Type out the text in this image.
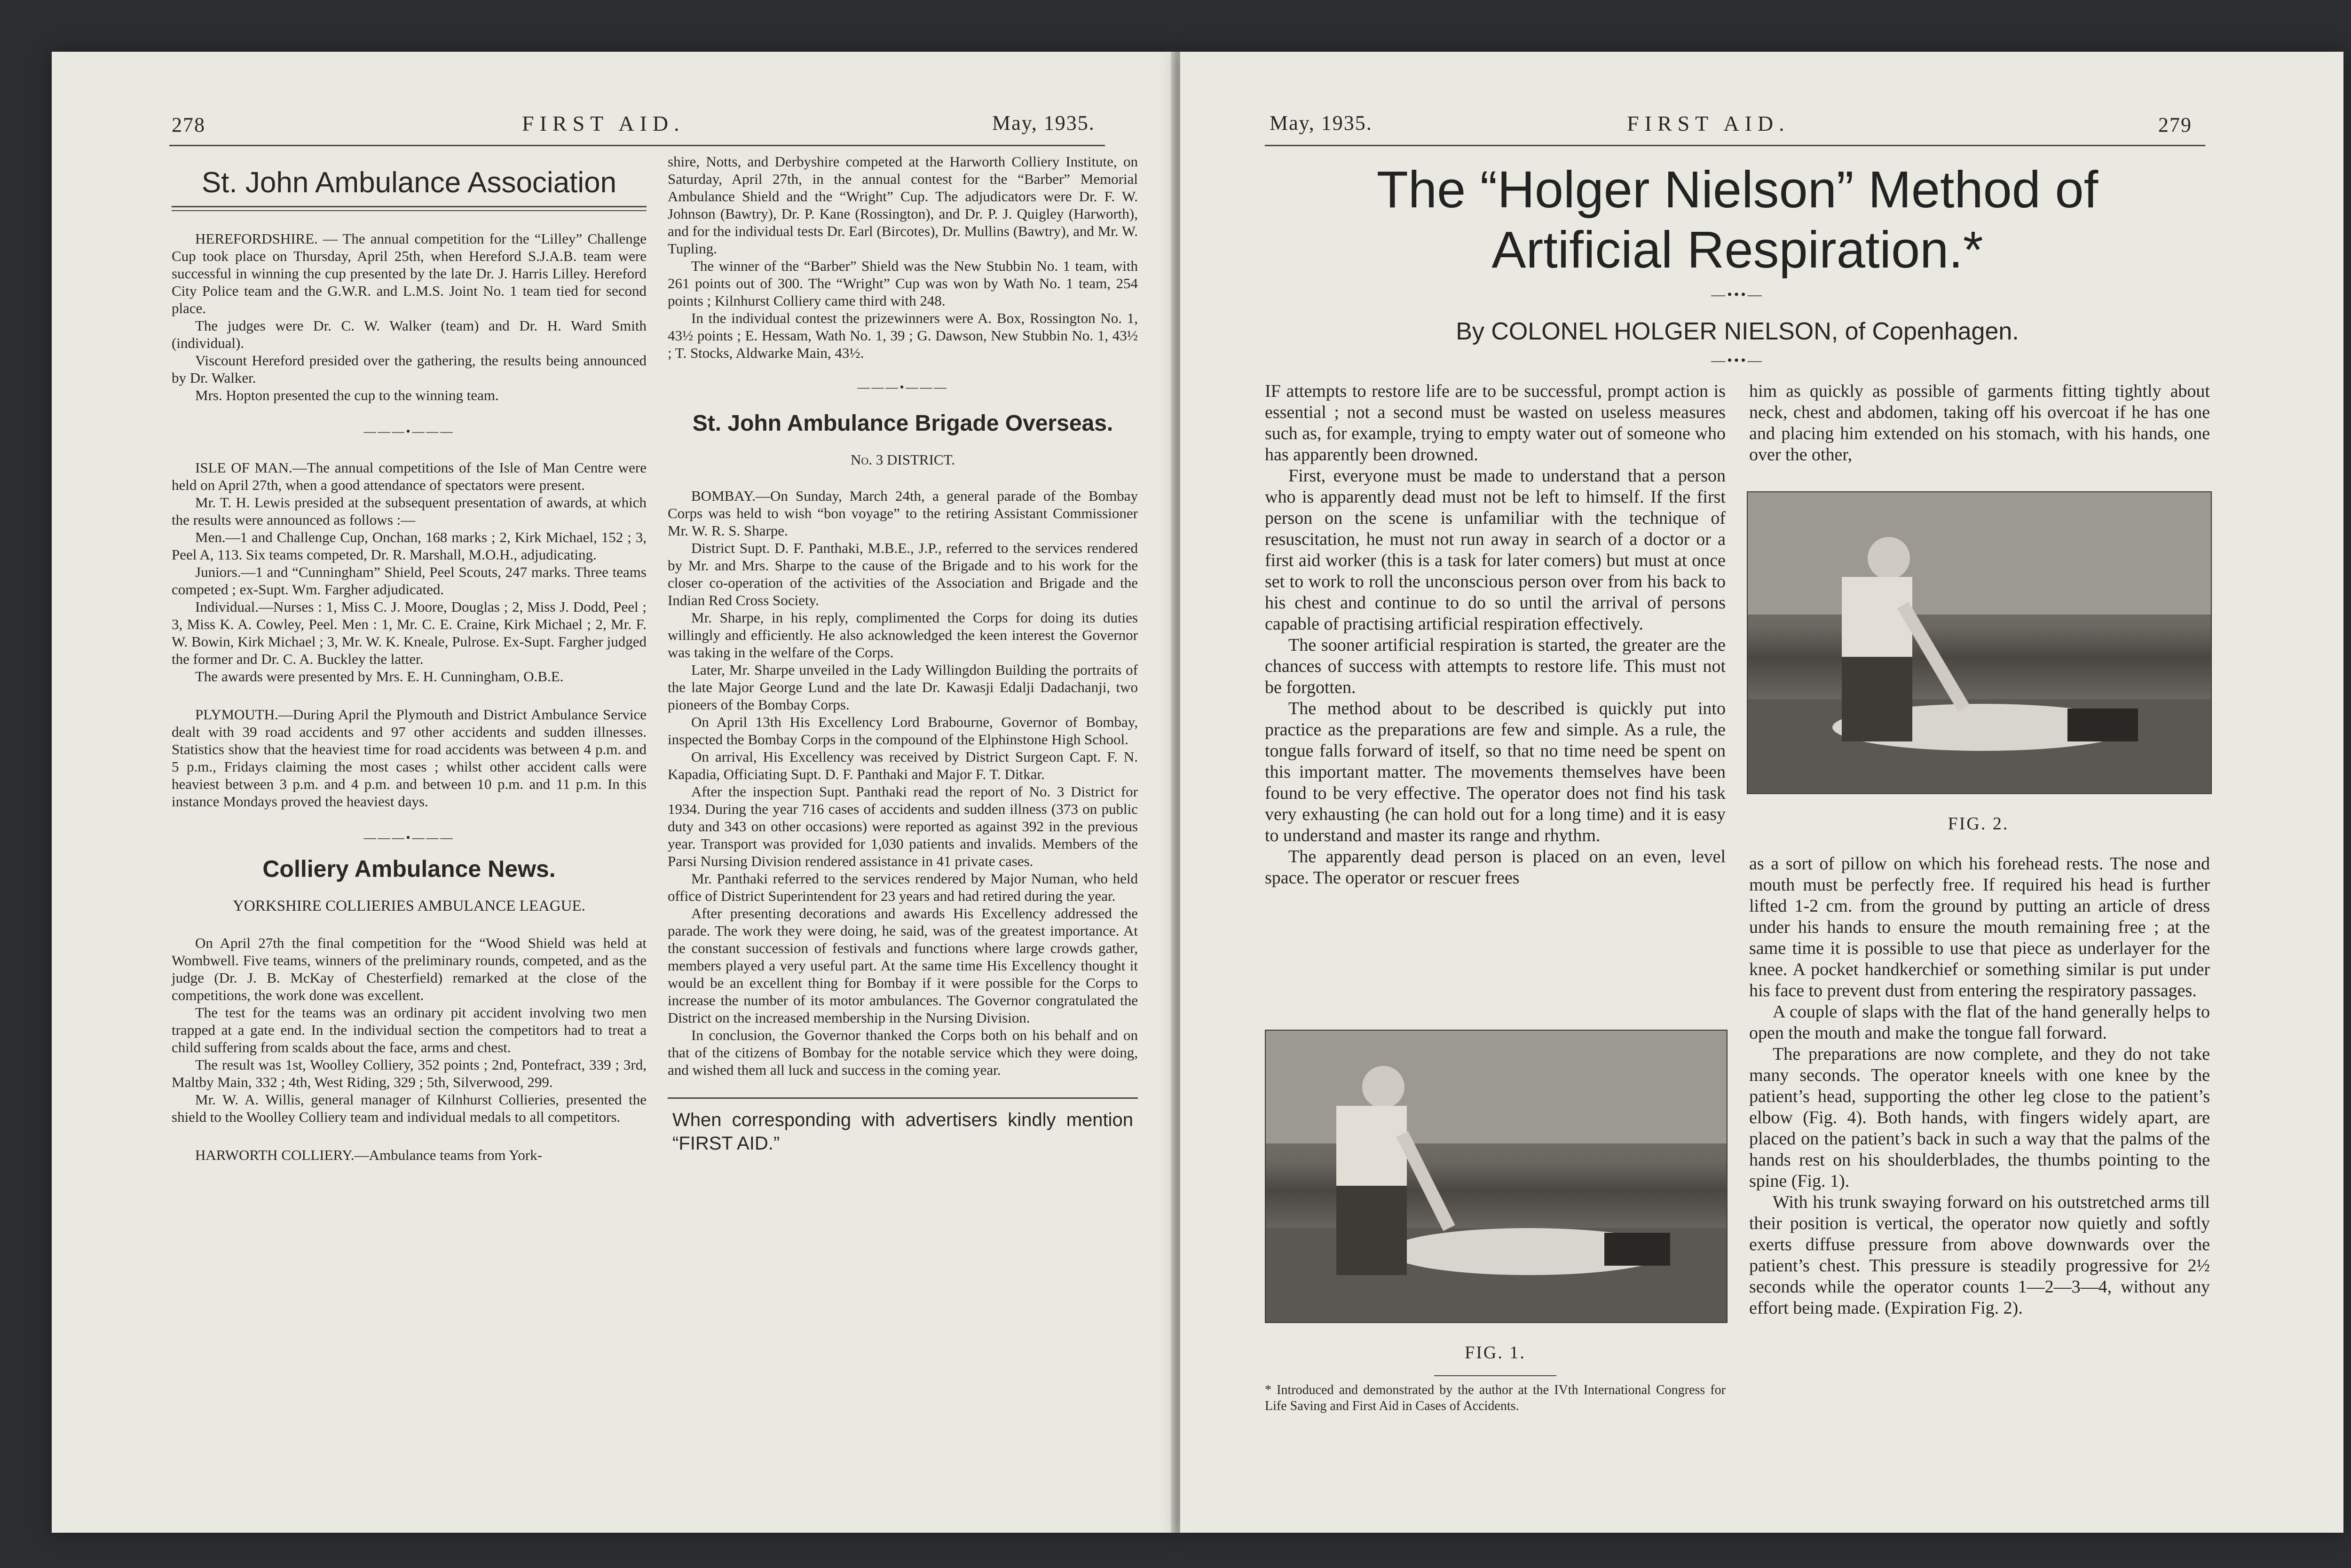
278	FIRST AID.	May, 1935.
St. John Ambulance Association

HEREFORDSHIRE. — The annual competition for the “Lilley” Challenge Cup took place on Thursday, April 25th, when Hereford S.J.A.B. team were successful in winning the cup presented by the late Dr. J. Harris Lilley. Hereford City Police team and the G.W.R. and L.M.S. Joint No. 1 team tied for second place.

The judges were Dr. C. W. Walker (team) and Dr. H. Ward Smith (individual).

Viscount Hereford presided over the gathering, the results being announced by Dr. Walker.

Mrs. Hopton presented the cup to the winning team.

———•———

ISLE OF MAN.—The annual competitions of the Isle of Man Centre were held on April 27th, when a good attendance of spectators were present.

Mr. T. H. Lewis presided at the subsequent presentation of awards, at which the results were announced as follows :—

Men.—1 and Challenge Cup, Onchan, 168 marks ; 2, Kirk Michael, 152 ; 3, Peel A, 113. Six teams competed, Dr. R. Marshall, M.O.H., adjudicating.

Juniors.—1 and “Cunningham” Shield, Peel Scouts, 247 marks. Three teams competed ; ex-Supt. Wm. Fargher adjudicated.

Individual.—Nurses : 1, Miss C. J. Moore, Douglas ; 2, Miss J. Dodd, Peel ; 3, Miss K. A. Cowley, Peel. Men : 1, Mr. C. E. Craine, Kirk Michael ; 2, Mr. F. W. Bowin, Kirk Michael ; 3, Mr. W. K. Kneale, Pulrose. Ex-Supt. Fargher judged the former and Dr. C. A. Buckley the latter.

The awards were presented by Mrs. E. H. Cunningham, O.B.E.

PLYMOUTH.—During April the Plymouth and District Ambulance Service dealt with 39 road accidents and 97 other accidents and sudden illnesses. Statistics show that the heaviest time for road accidents was between 4 p.m. and 5 p.m., Fridays claiming the most cases ; whilst other accident calls were heaviest between 3 p.m. and 4 p.m. and between 10 p.m. and 11 p.m. In this instance Mondays proved the heaviest days.

———•———
Colliery Ambulance News.
YORKSHIRE COLLIERIES AMBULANCE LEAGUE.

On April 27th the final competition for the “Wood Shield was held at Wombwell. Five teams, winners of the preliminary rounds, competed, and as the judge (Dr. J. B. McKay of Chesterfield) remarked at the close of the competitions, the work done was excellent.

The test for the teams was an ordinary pit accident involving two men trapped at a gate end. In the individual section the competitors had to treat a child suffering from scalds about the face, arms and chest.

The result was 1st, Woolley Colliery, 352 points ; 2nd, Pontefract, 339 ; 3rd, Maltby Main, 332 ; 4th, West Riding, 329 ; 5th, Silverwood, 299.

Mr. W. A. Willis, general manager of Kilnhurst Collieries, presented the shield to the Woolley Colliery team and individual medals to all competitors.

HARWORTH COLLIERY.—Ambulance teams from York-

shire, Notts, and Derbyshire competed at the Harworth Colliery Institute, on Saturday, April 27th, in the annual contest for the “Barber” Memorial Ambulance Shield and the “Wright” Cup. The adjudicators were Dr. F. W. Johnson (Bawtry), Dr. P. Kane (Rossington), and Dr. P. J. Quigley (Harworth), and for the individual tests Dr. Earl (Bircotes), Dr. Mullins (Bawtry), and Mr. W. Tupling.

The winner of the “Barber” Shield was the New Stubbin No. 1 team, with 261 points out of 300. The “Wright” Cup was won by Wath No. 1 team, 254 points ; Kilnhurst Colliery came third with 248.

In the individual contest the prizewinners were A. Box, Rossington No. 1, 43½ points ; E. Hessam, Wath No. 1, 39 ; G. Dawson, New Stubbin No. 1, 43½ ; T. Stocks, Aldwarke Main, 43½.

———•———
St. John Ambulance Brigade Overseas.
No. 3 DISTRICT.

BOMBAY.—On Sunday, March 24th, a general parade of the Bombay Corps was held to wish “bon voyage” to the retiring Assistant Commissioner Mr. W. R. S. Sharpe.

District Supt. D. F. Panthaki, M.B.E., J.P., referred to the services rendered by Mr. and Mrs. Sharpe to the cause of the Brigade and to his work for the closer co-operation of the activities of the Association and Brigade and the Indian Red Cross Society.

Mr. Sharpe, in his reply, complimented the Corps for doing its duties willingly and efficiently. He also acknowledged the keen interest the Governor was taking in the welfare of the Corps.

Later, Mr. Sharpe unveiled in the Lady Willingdon Building the portraits of the late Major George Lund and the late Dr. Kawasji Edalji Dadachanji, two pioneers of the Bombay Corps.

On April 13th His Excellency Lord Brabourne, Governor of Bombay, inspected the Bombay Corps in the compound of the Elphinstone High School.

On arrival, His Excellency was received by District Surgeon Capt. F. N. Kapadia, Officiating Supt. D. F. Panthaki and Major F. T. Ditkar.

After the inspection Supt. Panthaki read the report of No. 3 District for 1934. During the year 716 cases of accidents and sudden illness (373 on public duty and 343 on other occasions) were reported as against 392 in the previous year. Transport was provided for 1,030 patients and invalids. Members of the Parsi Nursing Division rendered assistance in 41 private cases.

Mr. Panthaki referred to the services rendered by Major Numan, who held office of District Superintendent for 23 years and had retired during the year.

After presenting decorations and awards His Excellency addressed the parade. The work they were doing, he said, was of the greatest importance. At the constant succession of festivals and functions where large crowds gather, members played a very useful part. At the same time His Excellency thought it would be an excellent thing for Bombay if it were possible for the Corps to increase the number of its motor ambulances. The Governor congratulated the District on the increased membership in the Nursing Division.

In conclusion, the Governor thanked the Corps both on his behalf and on that of the citizens of Bombay for the notable service which they were doing, and wished them all luck and success in the coming year.

When corresponding with advertisers kindly mention “FIRST AID.”
May, 1935.	FIRST AID.	279
The “Holger Nielson” Method of
Artificial Respiration.*
—•••—
By COLONEL HOLGER NIELSON, of Copenhagen.
—•••—

IF attempts to restore life are to be successful, prompt action is essential ; not a second must be wasted on useless measures such as, for example, trying to empty water out of someone who has apparently been drowned.

First, everyone must be made to understand that a person who is apparently dead must not be left to himself. If the first person on the scene is unfamiliar with the technique of resuscitation, he must not run away in search of a doctor or a first aid worker (this is a task for later comers) but must at once set to work to roll the unconscious person over from his back to his chest and continue to do so until the arrival of persons capable of practising artificial respiration effectively.

The sooner artificial respiration is started, the greater are the chances of success with attempts to restore life. This must not be forgotten.

The method about to be described is quickly put into practice as the preparations are few and simple. As a rule, the tongue falls forward of itself, so that no time need be spent on this important matter. The movements themselves have been found to be very effective. The operator does not find his task very exhausting (he can hold out for a long time) and it is easy to understand and master its range and rhythm.

The apparently dead person is placed on an even, level space. The operator or rescuer frees

FIG. 1.
* Introduced and demonstrated by the author at the IVth International Congress for Life Saving and First Aid in Cases of Accidents.
him as quickly as possible of garments fitting tightly about neck, chest and abdomen, taking off his overcoat if he has one and placing him extended on his stomach, with his hands, one over the other,
FIG. 2.

as a sort of pillow on which his forehead rests. The nose and mouth must be perfectly free. If required his head is further lifted 1-2 cm. from the ground by putting an article of dress under his hands to ensure the mouth remaining free ; at the same time it is possible to use that piece as underlayer for the knee. A pocket handkerchief or something similar is put under his face to prevent dust from entering the respiratory passages.

A couple of slaps with the flat of the hand generally helps to open the mouth and make the tongue fall forward.

The preparations are now complete, and they do not take many seconds. The operator kneels with one knee by the patient’s head, supporting the other leg close to the patient’s elbow (Fig. 4). Both hands, with fingers widely apart, are placed on the patient’s back in such a way that the palms of the hands rest on his shoulderblades, the thumbs pointing to the spine (Fig. 1).

With his trunk swaying forward on his outstretched arms till their position is vertical, the operator now quietly and softly exerts diffuse pressure from above downwards over the patient’s chest. This pressure is steadily progressive for 2½ seconds while the operator counts 1—2—3—4, without any effort being made. (Expiration Fig. 2).
